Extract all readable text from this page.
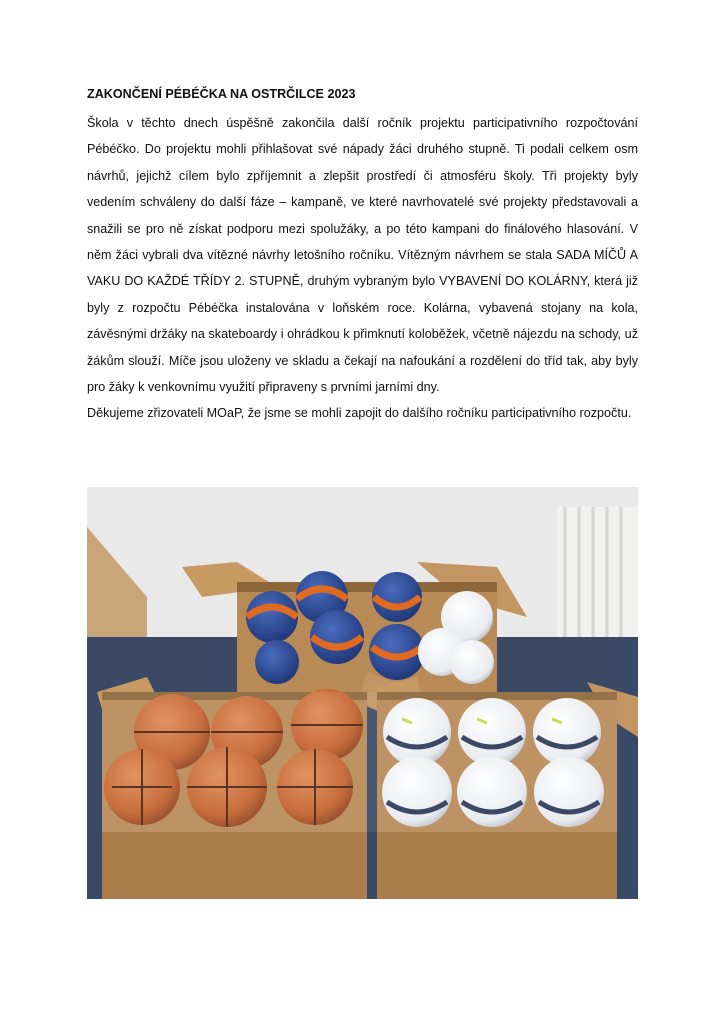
ZAKONČENÍ PÉBÉČKA NA OSTRČILCE 2023

Škola v těchto dnech úspěšně zakončila další ročník projektu participativního rozpočtování Pébéčko. Do projektu mohli přihlašovat své nápady žáci druhého stupně. Ti podali celkem osm návrhů, jejichž cílem bylo zpříjemnit a zlepšit prostředí či atmosféru školy. Tři projekty byly vedením schváleny do další fáze – kampaně, ve které navrhovatelé své projekty představovali a snažili se pro ně získat podporu mezi spolužáky, a po této kampani do finálového hlasování. V něm žáci vybrali dva vítězné návrhy letošního ročníku. Vítězným návrhem se stala SADA MÍČŮ A VAKU DO KAŽDÉ TŘÍDY 2. STUPNĚ, druhým vybraným bylo VYBAVENÍ DO KOLÁRNY, která již byly z rozpočtu Pébéčka instalována v loňském roce. Kolárna, vybavená stojany na kola, závěsnými držáky na skateboardy i ohrádkou k přimknutí koloběžek, včetně nájezdu na schody, už žákům slouží. Míče jsou uloženy ve skladu a čekají na nafoukání a rozdělení do tříd tak, aby byly pro žáky k venkovnímu využití připraveny s prvními jarními dny.

Děkujeme zřizovateli MOaP, že jsme se mohli zapojit do dalšího ročníku participativního rozpočtu.
